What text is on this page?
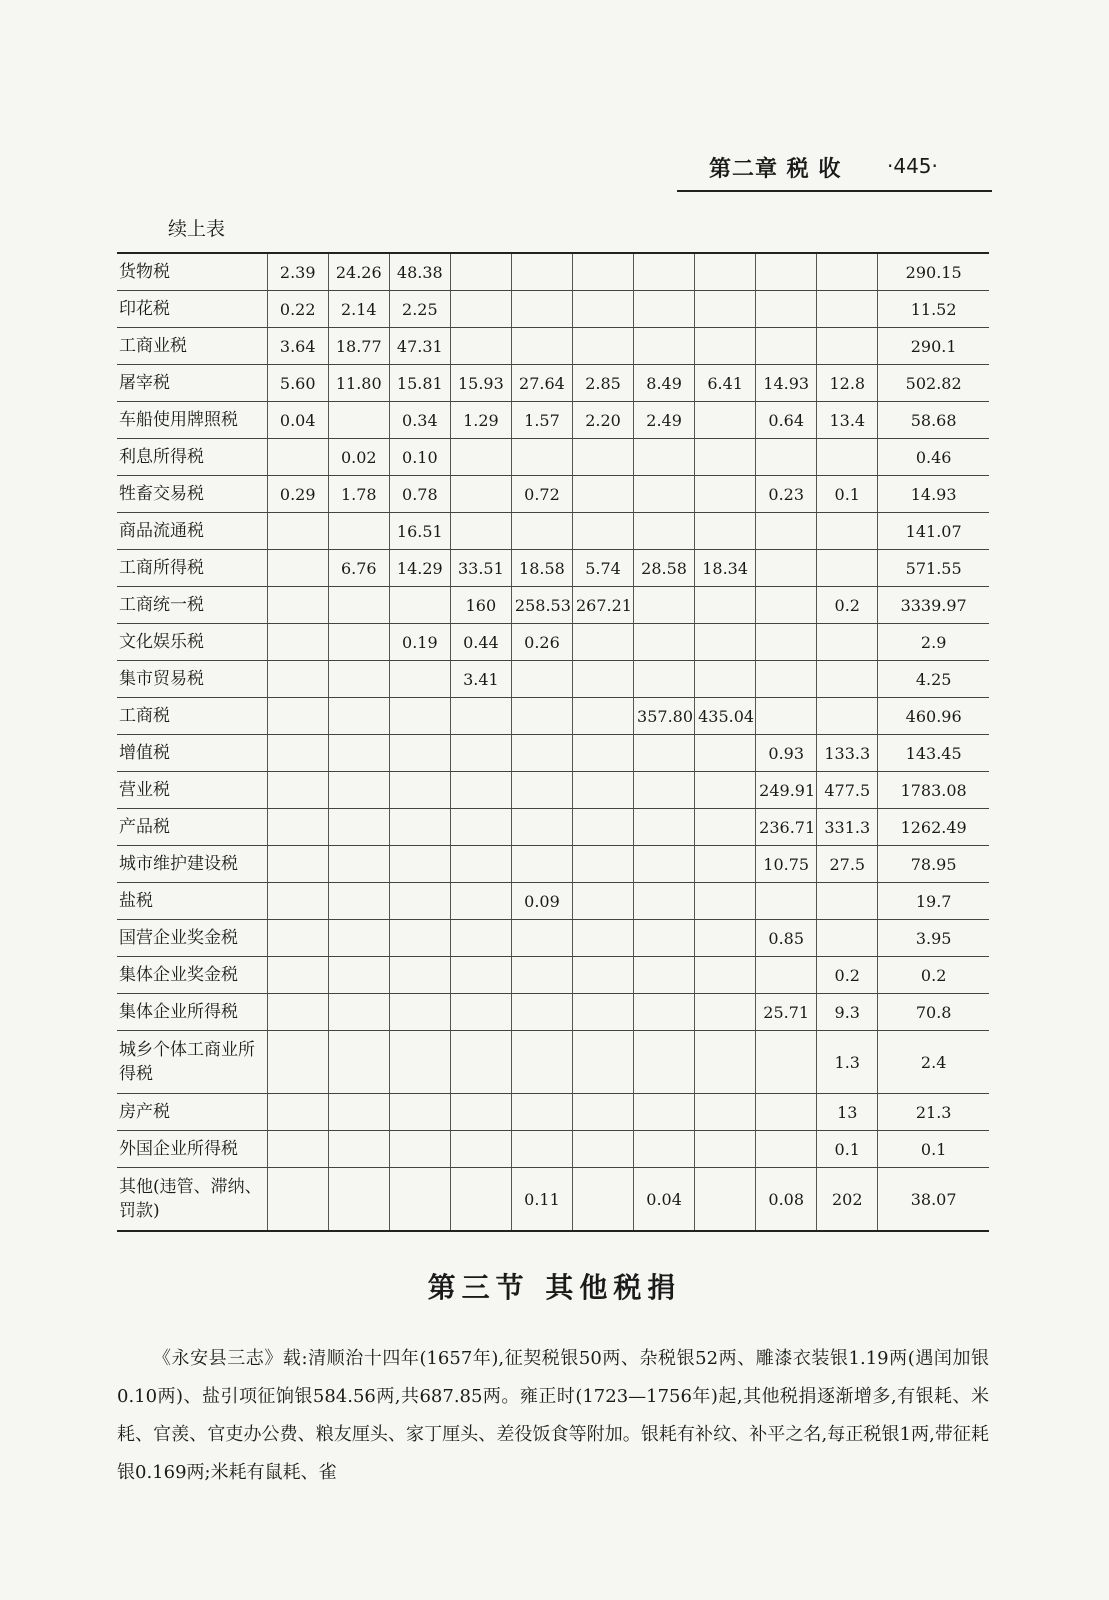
第二章 税 收 ·445·
续上表
货物税	2.39	24.26	48.38								290.15
印花税	0.22	2.14	2.25								11.52
工商业税	3.64	18.77	47.31								290.1
屠宰税	5.60	11.80	15.81	15.93	27.64	2.85	8.49	6.41	14.93	12.8	502.82
车船使用牌照税	0.04		0.34	1.29	1.57	2.20	2.49		0.64	13.4	58.68
利息所得税		0.02	0.10								0.46
牲畜交易税	0.29	1.78	0.78		0.72				0.23	0.1	14.93
商品流通税			16.51								141.07
工商所得税		6.76	14.29	33.51	18.58	5.74	28.58	18.34			571.55
工商统一税				160	258.53	267.21				0.2	3339.97
文化娱乐税			0.19	0.44	0.26						2.9
集市贸易税				3.41							4.25
工商税							357.80	435.04			460.96
增值税									0.93	133.3	143.45
营业税									249.91	477.5	1783.08
产品税									236.71	331.3	1262.49
城市维护建设税									10.75	27.5	78.95
盐税					0.09						19.7
国营企业奖金税									0.85		3.95
集体企业奖金税										0.2	0.2
集体企业所得税									25.71	9.3	70.8
城乡个体工商业所得税										1.3	2.4
房产税										13	21.3
外国企业所得税										0.1	0.1
其他(违管、滞纳、罚款)					0.11		0.04		0.08	202	38.07
第三节 其他税捐

《永安县三志》载:清顺治十四年(1657年),征契税银50两、杂税银52两、雕漆衣装银1.19两(遇闰加银0.10两)、盐引项征饷银584.56两,共687.85两。雍正时(1723—1756年)起,其他税捐逐渐增多,有银耗、米耗、官羡、官吏办公费、粮友厘头、家丁厘头、差役饭食等附加。银耗有补纹、补平之名,每正税银1两,带征耗银0.169两;米耗有鼠耗、雀
